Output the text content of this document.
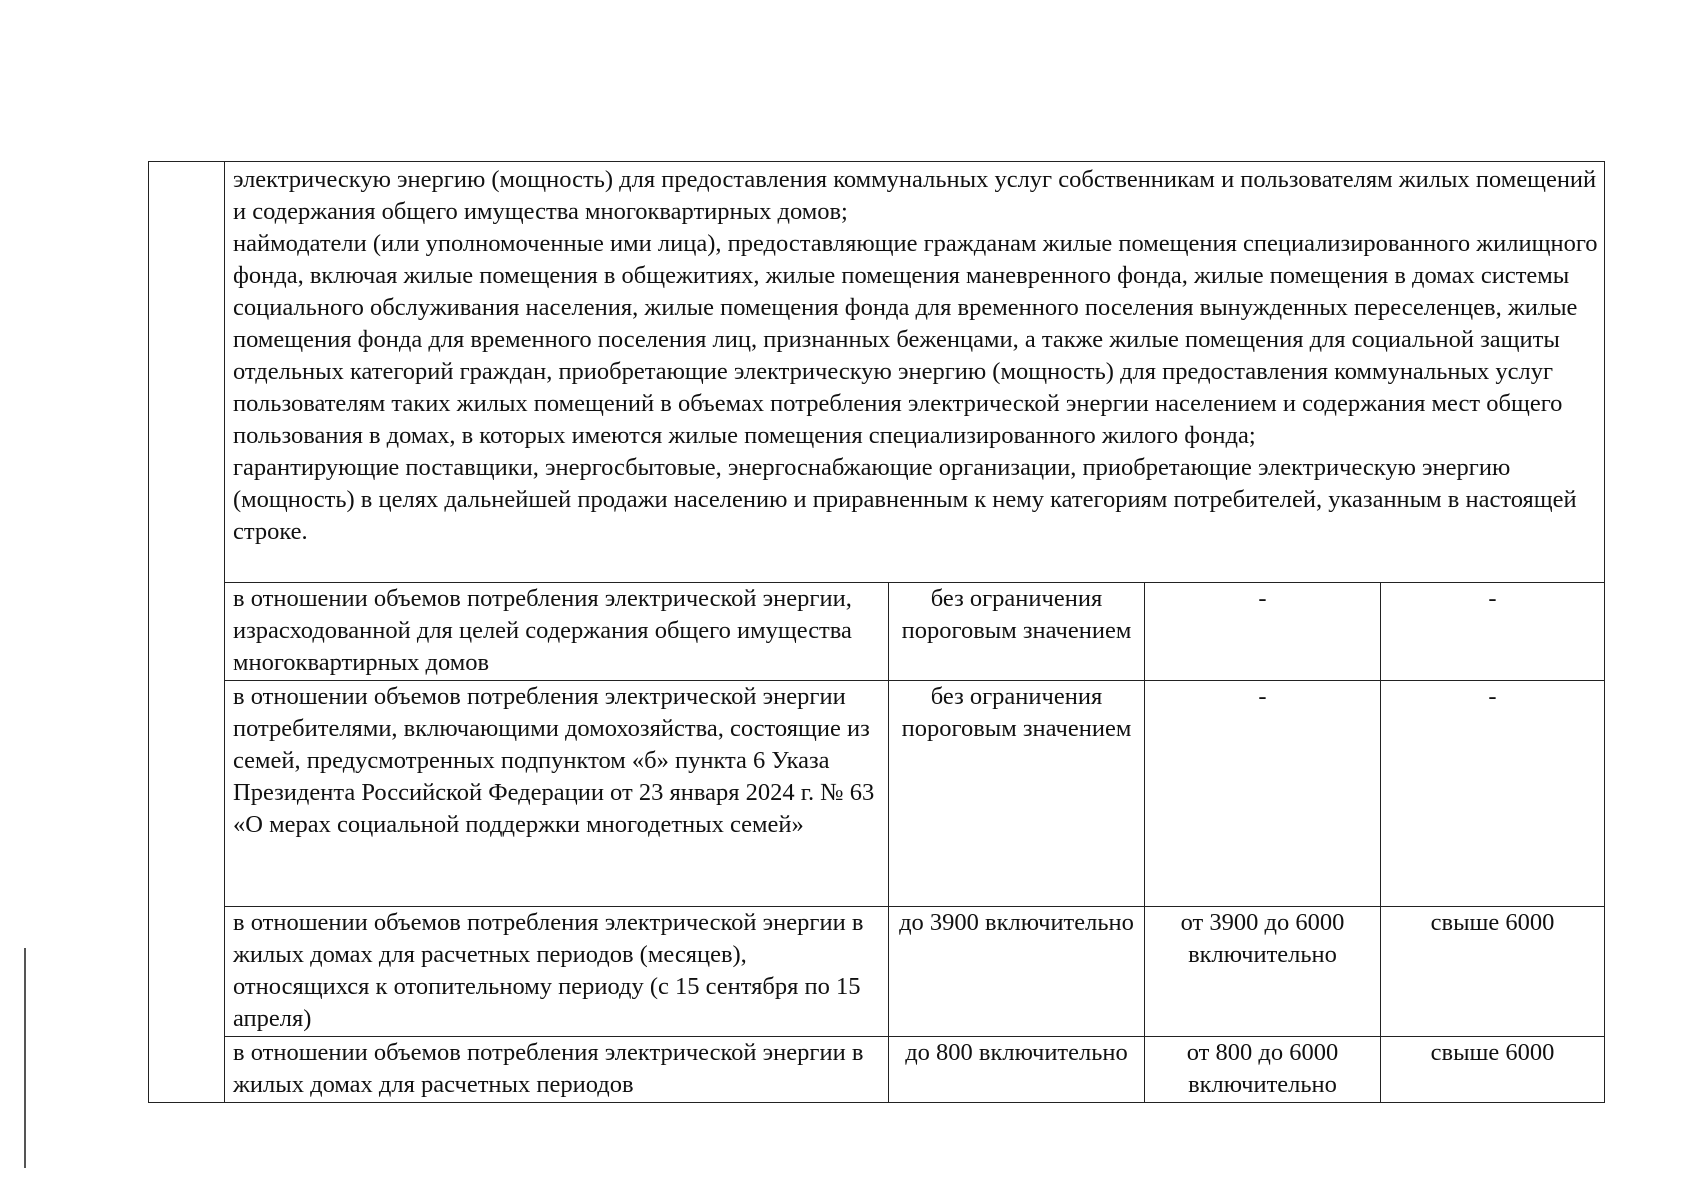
	электрическую энергию (мощность) для предоставления коммунальных услуг собственникам и пользователям жилых помещений и содержания общего имущества многоквартирных домов;
наймодатели (или уполномоченные ими лица), предоставляющие гражданам жилые помещения специализированного жилищного фонда, включая жилые помещения в общежитиях, жилые помещения маневренного фонда, жилые помещения в домах системы социального обслуживания населения, жилые помещения фонда для временного поселения вынужденных переселенцев, жилые помещения фонда для временного поселения лиц, признанных беженцами, а также жилые помещения для социальной защиты отдельных категорий граждан, приобретающие электрическую энергию (мощность) для предоставления коммунальных услуг пользователям таких жилых помещений в объемах потребления электрической энергии населением и содержания мест общего пользования в домах, в которых имеются жилые помещения специализированного жилого фонда;
гарантирующие поставщики, энергосбытовые, энергоснабжающие организации, приобретающие электрическую энергию (мощность) в целях дальнейшей продажи населению и приравненным к нему категориям потребителей, указанным в настоящей строке.			

	в отношении объемов потребления электрической энергии, израсходованной для целей содержания общего имущества многоквартирных домов	без ограничения пороговым значением	-	-
	в отношении объемов потребления электрической энергии потребителями, включающими домохозяйства, состоящие из семей, предусмотренных подпунктом «б» пункта 6 Указа Президента Российской Федерации от 23 января 2024 г. № 63 «О мерах социальной поддержки многодетных семей»	без ограничения пороговым значением	-	-
	в отношении объемов потребления электрической энергии в жилых домах для расчетных периодов (месяцев), относящихся к отопительному периоду (с 15 сентября по 15 апреля)	до 3900 включительно	от 3900 до 6000 включительно	свыше 6000
	в отношении объемов потребления электрической энергии в жилых домах для расчетных периодов	до 800 включительно	от 800 до 6000 включительно	свыше 6000
